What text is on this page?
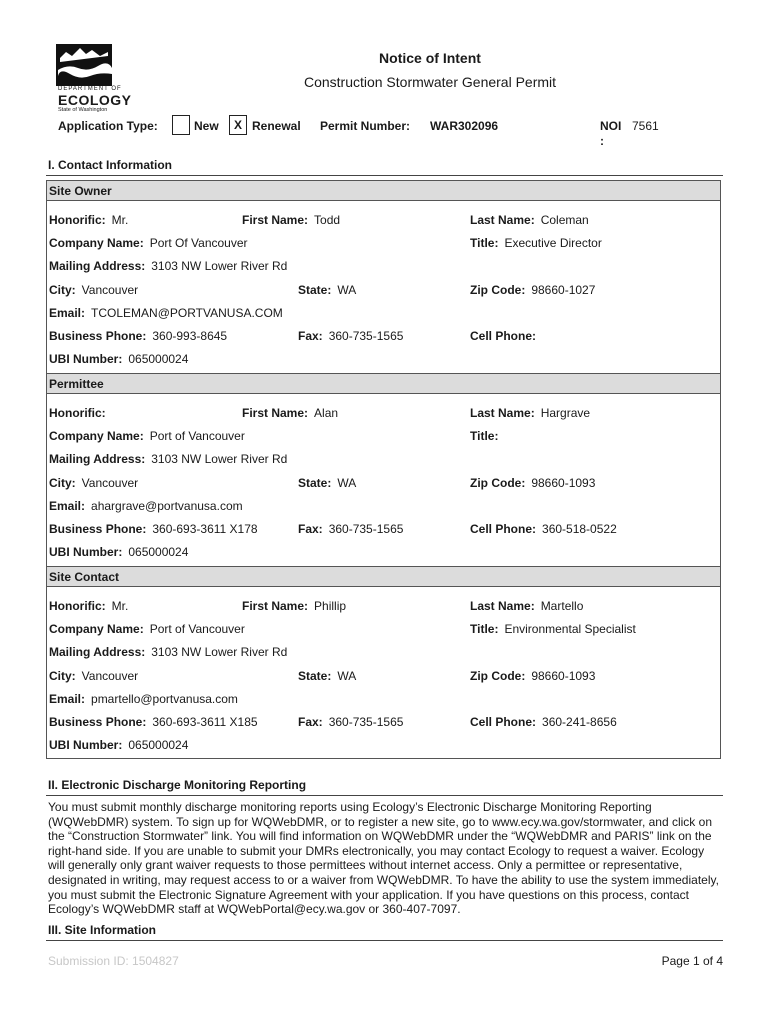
DEPARTMENT OF
ECOLOGY
State of Washington
Notice of Intent
Construction Stormwater General Permit
Application Type:	New	X Renewal Permit Number: WAR302096	NOI
:
7561
I. Contact Information
Site Owner
Honorific: Mr.	First Name: Todd	Last Name: Coleman
Company Name: Port Of Vancouver	Title: Executive Director
Mailing Address: 3103 NW Lower River Rd
City: Vancouver	State: WA	Zip Code: 98660-1027
Email: TCOLEMAN@PORTVANUSA.COM
Business Phone: 360-993-8645	Fax: 360-735-1565	Cell Phone:
UBI Number: 065000024
Permittee
Honorific:	First Name: Alan	Last Name: Hargrave
Company Name: Port of Vancouver	Title:
Mailing Address: 3103 NW Lower River Rd
City: Vancouver	State: WA	Zip Code: 98660-1093
Email: ahargrave@portvanusa.com
Business Phone: 360-693-3611 X178	Fax: 360-735-1565	Cell Phone: 360-518-0522
UBI Number: 065000024
Site Contact
Honorific: Mr.	First Name: Phillip	Last Name: Martello
Company Name: Port of Vancouver	Title: Environmental Specialist
Mailing Address: 3103 NW Lower River Rd
City: Vancouver	State: WA	Zip Code: 98660-1093
Email: pmartello@portvanusa.com
Business Phone: 360-693-3611 X185	Fax: 360-735-1565	Cell Phone: 360-241-8656
UBI Number: 065000024
II. Electronic Discharge Monitoring Reporting
You must submit monthly discharge monitoring reports using Ecology’s Electronic Discharge Monitoring Reporting (WQWebDMR) system. To sign up for WQWebDMR, or to register a new site, go to www.ecy.wa.gov/stormwater, and click on the “Construction Stormwater” link. You will find information on WQWebDMR under the “WQWebDMR and PARIS” link on the right-hand side. If you are unable to submit your DMRs electronically, you may contact Ecology to request a waiver. Ecology will generally only grant waiver requests to those permittees without internet access. Only a permittee or representative, designated in writing, may request access to or a waiver from WQWebDMR. To have the ability to use the system immediately, you must submit the Electronic Signature Agreement with your application. If you have questions on this process, contact Ecology’s WQWebDMR staff at WQWebPortal@ecy.wa.gov or 360-407-7097.
III. Site Information
Submission ID: 1504827	Page 1 of 4
